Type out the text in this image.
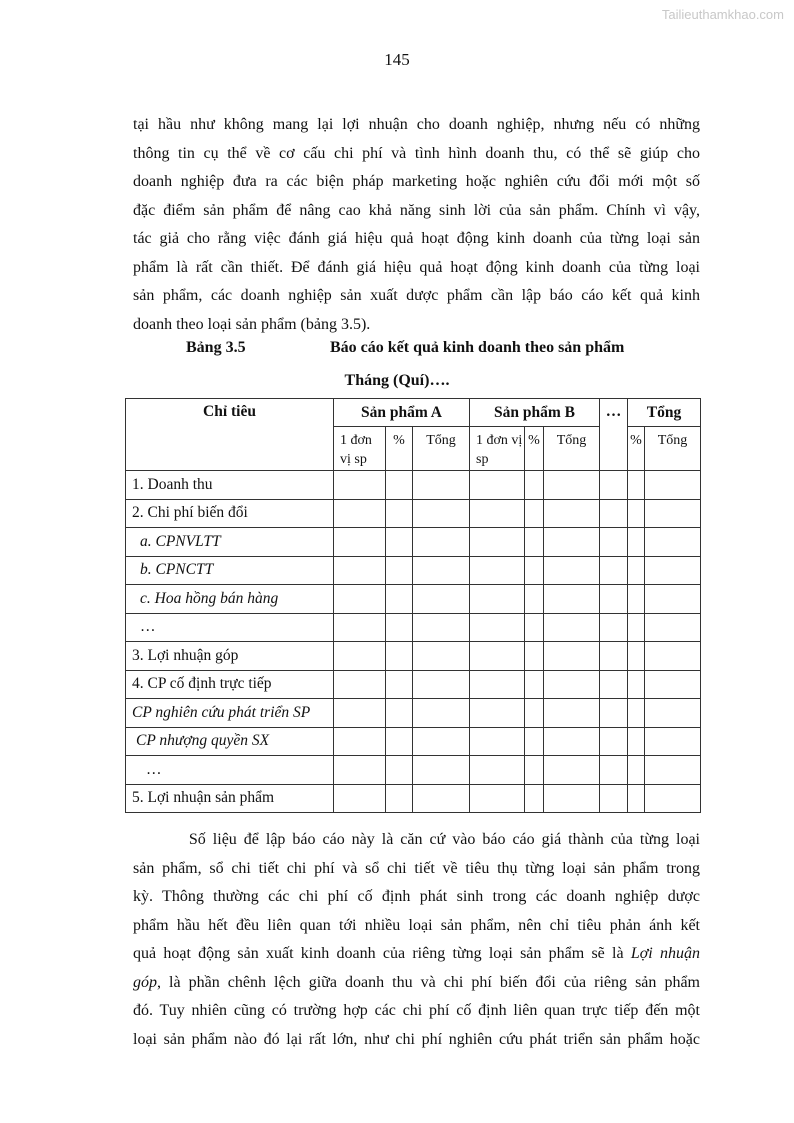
Tailieuthamkhao.com
145
tại hầu như không mang lại lợi nhuận cho doanh nghiệp, nhưng nếu có những
thông tin cụ thể về cơ cấu chi phí và tình hình doanh thu, có thể sẽ giúp cho
doanh nghiệp đưa ra các biện pháp marketing hoặc nghiên cứu đổi mới một số
đặc điểm sản phẩm để nâng cao khả năng sinh lời của sản phẩm. Chính vì vậy,
tác giả cho rằng việc đánh giá hiệu quả hoạt động kinh doanh của từng loại sản
phẩm là rất cần thiết. Để đánh giá hiệu quả hoạt động kinh doanh của từng loại
sản phẩm, các doanh nghiệp sản xuất dược phẩm cần lập báo cáo kết quả kinh
doanh theo loại sản phẩm (bảng 3.5).
Bảng 3.5	Báo cáo kết quả kinh doanh theo sản phẩm
Tháng (Quí)….
Chỉ tiêu	Sản phẩm A			Sản phẩm B			…	Tổng	
	1 đơn vị sp	%	Tổng	1 đơn vị sp	%	Tổng		%	Tổng
1. Doanh thu									
2. Chi phí biến đổi									
a. CPNVLTT									
b. CPNCTT									
c. Hoa hồng bán hàng									
…									
3. Lợi nhuận góp									
4. CP cố định trực tiếp									
CP nghiên cứu phát triển SP									
CP nhượng quyền SX									
…									
5. Lợi nhuận sản phẩm									
Số liệu để lập báo cáo này là căn cứ vào báo cáo giá thành của từng loại
sản phẩm, sổ chi tiết chi phí và sổ chi tiết về tiêu thụ từng loại sản phẩm trong
kỳ. Thông thường các chi phí cố định phát sinh trong các doanh nghiệp dược
phẩm hầu hết đều liên quan tới nhiều loại sản phẩm, nên chỉ tiêu phản ánh kết
quả hoạt động sản xuất kinh doanh của riêng từng loại sản phẩm sẽ là Lợi nhuận
góp, là phần chênh lệch giữa doanh thu và chi phí biến đổi của riêng sản phẩm
đó. Tuy nhiên cũng có trường hợp các chi phí cố định liên quan trực tiếp đến một
loại sản phẩm nào đó lại rất lớn, như chi phí nghiên cứu phát triển sản phẩm hoặc
